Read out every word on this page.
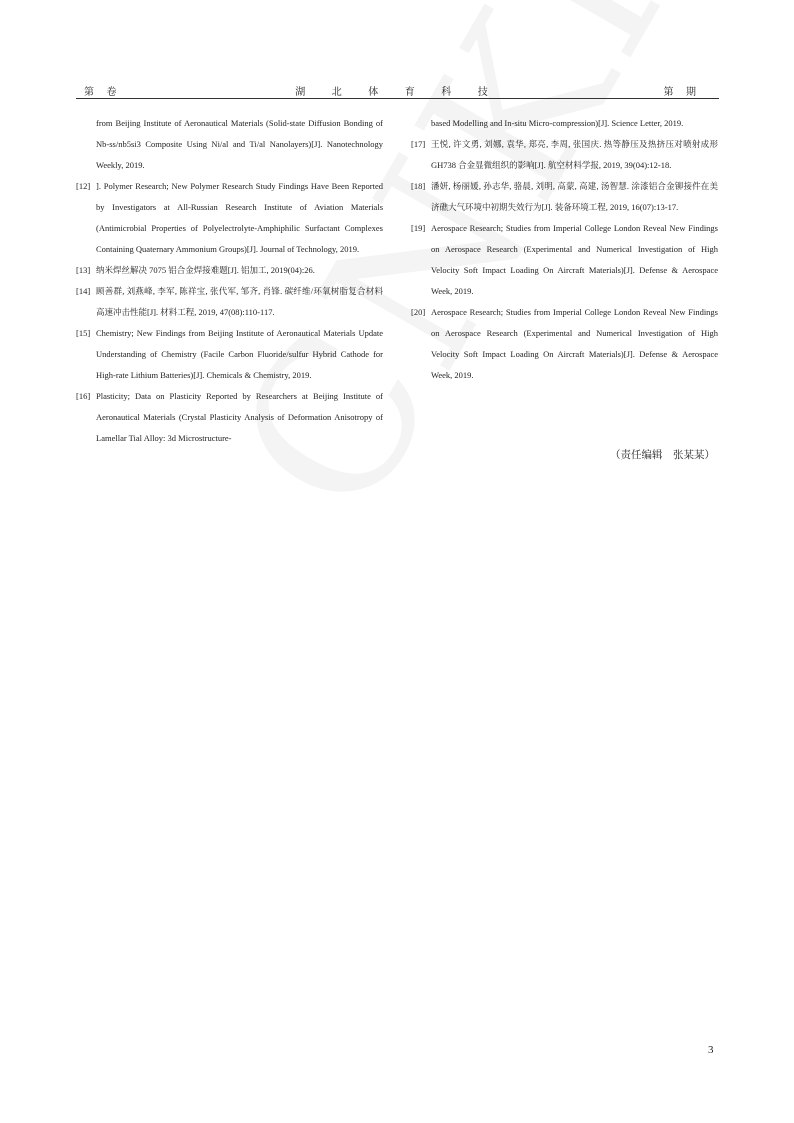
第 卷	湖 北 体 育 科 技	第 期

from Beijing Institute of Aeronautical Materials (Solid-state Diffusion Bonding of Nb-ss/nb5si3 Composite Using Ni/al and Ti/al Nanolayers)[J]. Nanotechnology Weekly, 2019.

[12] ]. Polymer Research; New Polymer Research Study Findings Have Been Reported by Investigators at All-Russian Research Institute of Aviation Materials (Antimicrobial Properties of Polyelectrolyte-Amphiphilic Surfactant Complexes Containing Quaternary Ammonium Groups)[J]. Journal of Technology, 2019.

[13] 纳米焊丝解决 7075 铝合金焊接难题[J]. 铝加工, 2019(04):26.

[14] 顾善群, 刘燕峰, 李军, 陈祥宝, 张代军, 邹齐, 肖锋. 碳纤维/环氧树脂复合材料高速冲击性能[J]. 材料工程, 2019, 47(08):110-117.

[15] Chemistry; New Findings from Beijing Institute of Aeronautical Materials Update Understanding of Chemistry (Facile Carbon Fluoride/sulfur Hybrid Cathode for High-rate Lithium Batteries)[J]. Chemicals & Chemistry, 2019.

[16] Plasticity; Data on Plasticity Reported by Researchers at Beijing Institute of Aeronautical Materials (Crystal Plasticity Analysis of Deformation Anisotropy of Lamellar Tial Alloy: 3d Microstructure-

based Modelling and In-situ Micro-compression)[J]. Science Letter, 2019.

[17] 王悦, 许文勇, 刘娜, 袁华, 郑亮, 李周, 张国庆. 热等静压及热挤压对喷射成形 GH738 合金显微组织的影响[J]. 航空材料学报, 2019, 39(04):12-18.

[18] 潘妍, 杨丽媛, 孙志华, 骆晨, 刘明, 高蒙, 高建, 汤智慧. 涂漆铝合金铆接件在美济礁大气环境中初期失效行为[J]. 装备环境工程, 2019, 16(07):13-17.

[19] Aerospace Research; Studies from Imperial College London Reveal New Findings on Aerospace Research (Experimental and Numerical Investigation of High Velocity Soft Impact Loading On Aircraft Materials)[J]. Defense & Aerospace Week, 2019.

[20] Aerospace Research; Studies from Imperial College London Reveal New Findings on Aerospace Research (Experimental and Numerical Investigation of High Velocity Soft Impact Loading On Aircraft Materials)[J]. Defense & Aerospace Week, 2019.

（责任编辑　张某某）
3
